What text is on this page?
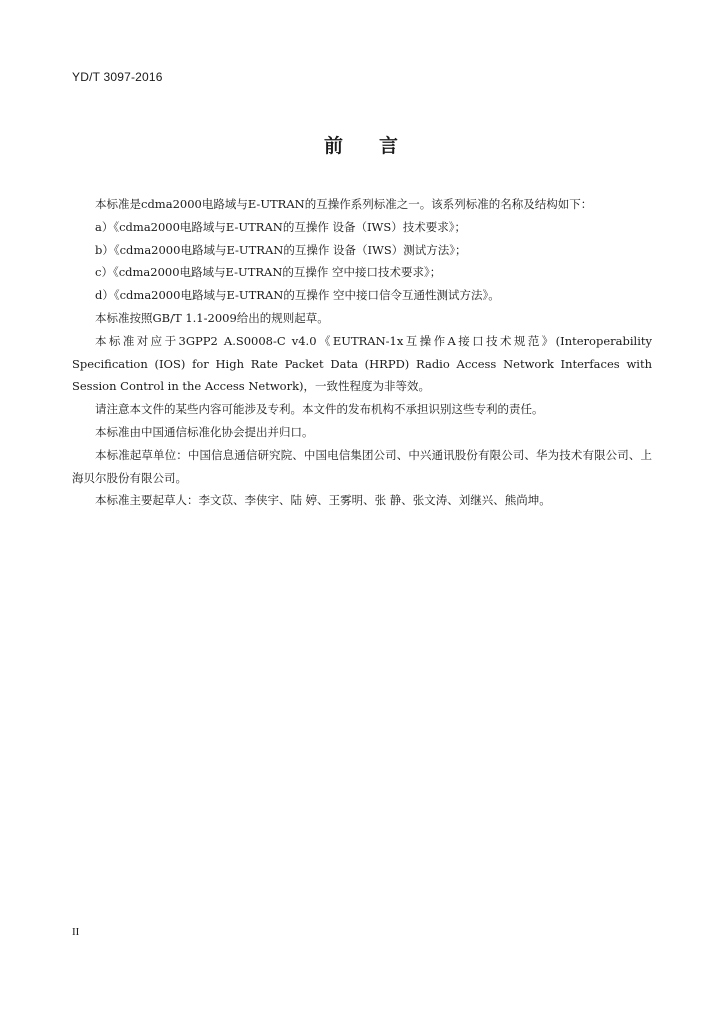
YD/T 3097-2016
前 言

本标准是cdma2000电路域与E-UTRAN的互操作系列标准之一。该系列标准的名称及结构如下：

a）《cdma2000电路域与E-UTRAN的互操作 设备（IWS）技术要求》；

b）《cdma2000电路域与E-UTRAN的互操作 设备（IWS）测试方法》；

c）《cdma2000电路域与E-UTRAN的互操作 空中接口技术要求》；

d）《cdma2000电路域与E-UTRAN的互操作 空中接口信令互通性测试方法》。

本标准按照GB/T 1.1-2009给出的规则起草。

本标准对应于3GPP2 A.S0008-C v4.0《EUTRAN-1x互操作A接口技术规范》(Interoperability Specification (IOS) for High Rate Packet Data (HRPD) Radio Access Network Interfaces with Session Control in the Access Network)，一致性程度为非等效。

请注意本文件的某些内容可能涉及专利。本文件的发布机构不承担识别这些专利的责任。

本标准由中国通信标准化协会提出并归口。

本标准起草单位：中国信息通信研究院、中国电信集团公司、中兴通讯股份有限公司、华为技术有限公司、上海贝尔股份有限公司。

本标准主要起草人：李文苡、李侠宇、陆 婷、王雾明、张 静、张文涛、刘继兴、熊尚坤。

II
